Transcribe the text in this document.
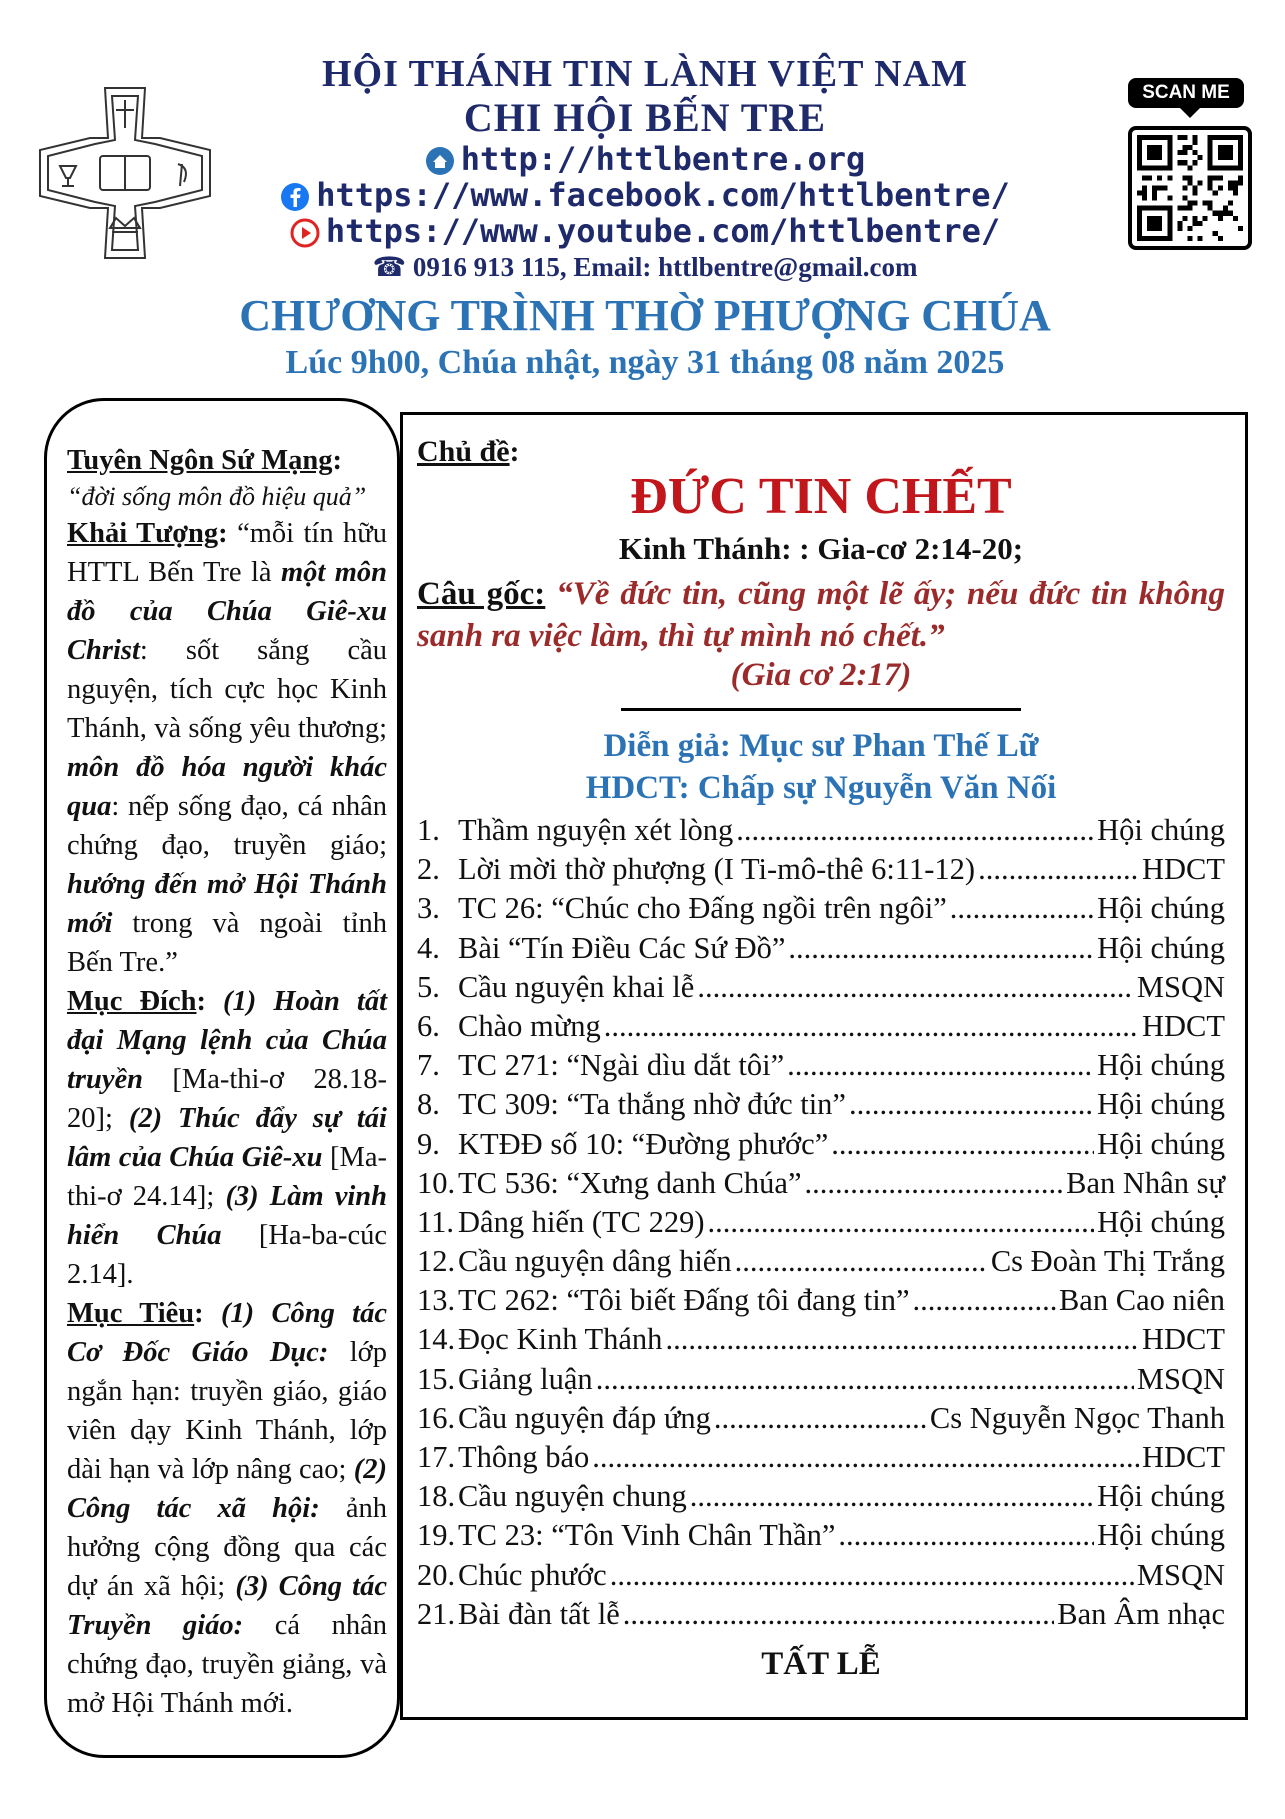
HỘI THÁNH TIN LÀNH VIỆT NAM
CHI HỘI BẾN TRE
http://httlbentre.org
https://www.facebook.com/httlbentre/
https://www.youtube.com/httlbentre/
☎ 0916 913 115, Email: httlbentre@gmail.com
CHƯƠNG TRÌNH THỜ PHƯỢNG CHÚA
Lúc 9h00, Chúa nhật, ngày 31 tháng 08 năm 2025
SCAN ME

Tuyên Ngôn Sứ Mạng:

“đời sống môn đồ hiệu quả”

Khải Tượng: “mỗi tín hữu HTTL Bến Tre là một môn đồ của Chúa Giê-xu Christ: sốt sắng cầu nguyện, tích cực học Kinh Thánh, và sống yêu thương; môn đồ hóa người khác qua: nếp sống đạo, cá nhân chứng đạo, truyền giáo; hướng đến mở Hội Thánh mới trong và ngoài tỉnh Bến Tre.”

Mục Đích: (1) Hoàn tất đại Mạng lệnh của Chúa truyền [Ma-thi-ơ 28.18-20]; (2) Thúc đẩy sự tái lâm của Chúa Giê-xu [Ma-thi-ơ 24.14]; (3) Làm vinh hiển Chúa [Ha-ba-cúc 2.14].

Mục Tiêu: (1) Công tác Cơ Đốc Giáo Dục: lớp ngắn hạn: truyền giáo, giáo viên dạy Kinh Thánh, lớp dài hạn và lớp nâng cao; (2) Công tác xã hội: ảnh hưởng cộng đồng qua các dự án xã hội; (3) Công tác Truyền giáo: cá nhân chứng đạo, truyền giảng, và mở Hội Thánh mới.

Chủ đề:
ĐỨC TIN CHẾT
Kinh Thánh: : Gia-cơ 2:14-20;
Câu gốc: “Về đức tin, cũng một lẽ ấy; nếu đức tin không sanh ra việc làm, thì tự mình nó chết.”
(Gia cơ 2:17)
Diễn giả: Mục sư Phan Thế Lữ
HDCT: Chấp sự Nguyễn Văn Nối
1. Thầm nguyện xét lòng .....	Hội chúng
2. Lời mời thờ phượng (I Ti-mô-thê 6:11-12) .....	HDCT
3. TC 26: “Chúc cho Đấng ngồi trên ngôi” .....	Hội chúng
4. Bài “Tín Điều Các Sứ Đồ” .....	Hội chúng
5. Cầu nguyện khai lễ .....	MSQN
6. Chào mừng .....	HDCT
7. TC 271: “Ngài dìu dắt tôi” .....	Hội chúng
8. TC 309: “Ta thắng nhờ đức tin” .....	Hội chúng
9. KTĐĐ số 10: “Đường phước” .....	Hội chúng
10. TC 536: “Xưng danh Chúa” .....	Ban Nhân sự
11. Dâng hiến (TC 229) .....	Hội chúng
12. Cầu nguyện dâng hiến .....	Cs Đoàn Thị Trắng
13. TC 262: “Tôi biết Đấng tôi đang tin” .....	Ban Cao niên
14. Đọc Kinh Thánh .....	HDCT
15. Giảng luận .....	MSQN
16. Cầu nguyện đáp ứng .....	Cs Nguyễn Ngọc Thanh
17. Thông báo .....	HDCT
18. Cầu nguyện chung .....	Hội chúng
19. TC 23: “Tôn Vinh Chân Thần” .....	Hội chúng
20. Chúc phước .....	MSQN
21. Bài đàn tất lễ .....	Ban Âm nhạc
TẤT LỄ
